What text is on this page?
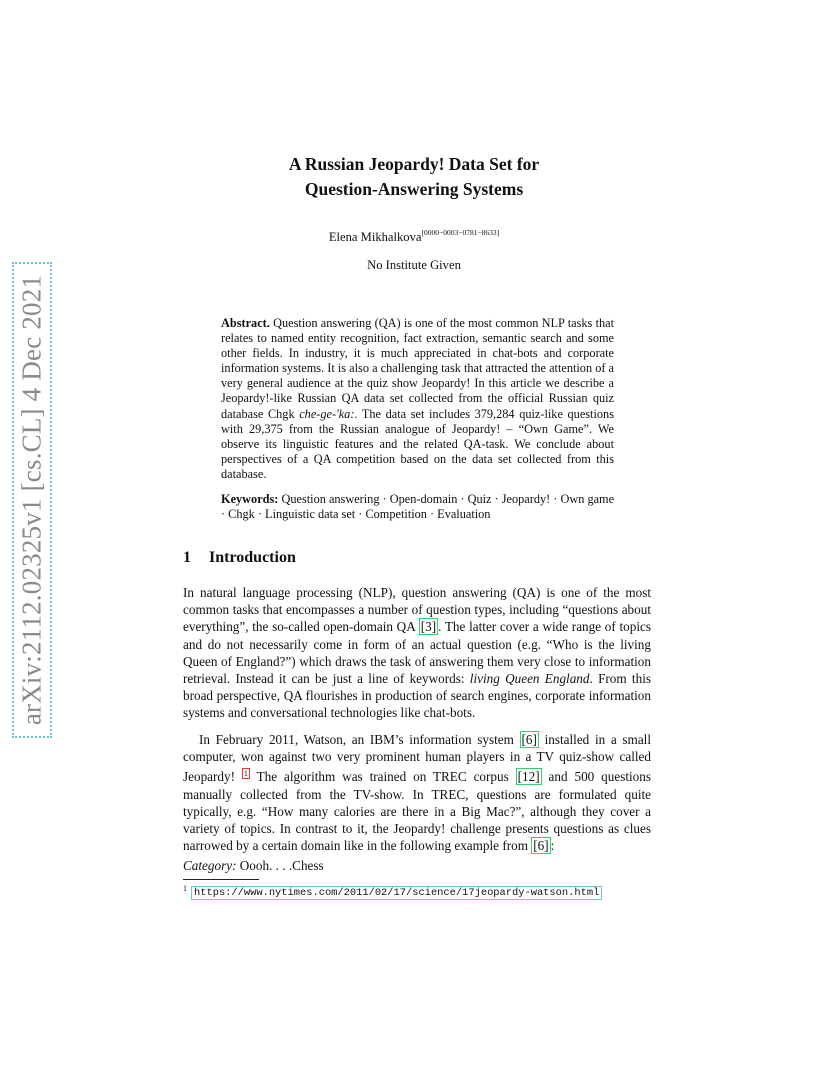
arXiv:2112.02325v1 [cs.CL] 4 Dec 2021
A Russian Jeopardy! Data Set for
Question-Answering Systems
Elena Mikhalkova[0000−0003−0781−8633]
No Institute Given
Abstract. Question answering (QA) is one of the most common NLP tasks that relates to named entity recognition, fact extraction, semantic search and some other fields. In industry, it is much appreciated in chat-bots and corporate information systems. It is also a challenging task that attracted the attention of a very general audience at the quiz show Jeopardy! In this article we describe a Jeopardy!-like Russian QA data set collected from the official Russian quiz database Chgk che-ge-'ka:. The data set includes 379,284 quiz-like questions with 29,375 from the Russian analogue of Jeopardy! – “Own Game”. We observe its linguistic features and the related QA-task. We conclude about perspectives of a QA competition based on the data set collected from this database.
Keywords: Question answering · Open-domain · Quiz · Jeopardy! · Own game · Chgk · Linguistic data set · Competition · Evaluation
1 Introduction
In natural language processing (NLP), question answering (QA) is one of the most common tasks that encompasses a number of question types, including “questions about everything”, the so-called open-domain QA [3] . The latter cover a wide range of topics and do not necessarily come in form of an actual question (e.g. “Who is the living Queen of England?”) which draws the task of answering them very close to information retrieval. Instead it can be just a line of keywords: living Queen England. From this broad perspective, QA flourishes in production of search engines, corporate information systems and conversational technologies like chat-bots.
In February 2011, Watson, an IBM’s information system [6] installed in a small computer, won against two very prominent human players in a TV quiz-show called Jeopardy! $^1$ The algorithm was trained on TREC corpus [12] and 500 questions manually collected from the TV-show. In TREC, questions are formulated quite typically, e.g. “How many calories are there in a Big Mac?”, although they cover a variety of topics. In contrast to it, the Jeopardy! challenge presents questions as clues narrowed by a certain domain like in the following example from [6] :
Category: Oooh. . . .Chess
$^1$ https://www.nytimes.com/2011/02/17/science/17jeopardy-watson.html
